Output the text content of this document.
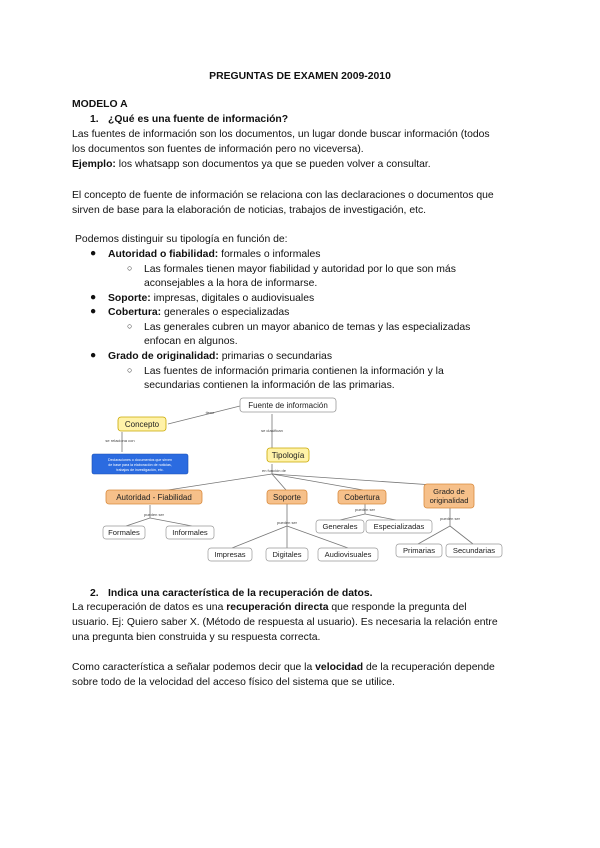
PREGUNTAS DE EXAMEN 2009-2010
MODELO A
1. ¿Qué es una fuente de información?
Las fuentes de información son los documentos, un lugar donde buscar información (todos
los documentos son fuentes de información pero no viceversa).
Ejemplo: los whatsapp son documentos ya que se pueden volver a consultar.
El concepto de fuente de información se relaciona con las declaraciones o documentos que
sirven de base para la elaboración de noticias, trabajos de investigación, etc.
Podemos distinguir su tipología en función de:
● Autoridad o fiabilidad: formales o informales
○ Las formales tienen mayor fiabilidad y autoridad por lo que son más
aconsejables a la hora de informarse.
● Soporte: impresas, digitales o audiovisuales
● Cobertura: generales o especializadas
○ Las generales cubren un mayor abanico de temas y las especializadas
enfocan en algunos.
● Grado de originalidad: primarias o secundarias
○ Las fuentes de información primaria contienen la información y la
secundarias contienen la información de las primarias.
tiene
se relaciona con
se clasifican
en función de
pueden ser
pueden ser
pueden ser
pueden ser
Fuente de información
Concepto
Declaraciones o documentos que sirven
de base para la elaboración de noticias,
trabajos de investigación, etc.
Tipología
Autoridad - Fiabilidad	Soporte	Cobertura
Grado de
originalidad
Formales	Informales
Impresas	Digitales	Audiovisuales
Generales Especializadas
Primarias Secundarias
2. Indica una característica de la recuperación de datos.
La recuperación de datos es una recuperación directa que responde la pregunta del
usuario. Ej: Quiero saber X. (Método de respuesta al usuario). Es necesaria la relación entre
una pregunta bien construida y su respuesta correcta.
Como característica a señalar podemos decir que la velocidad de la recuperación depende
sobre todo de la velocidad del acceso físico del sistema que se utilice.
